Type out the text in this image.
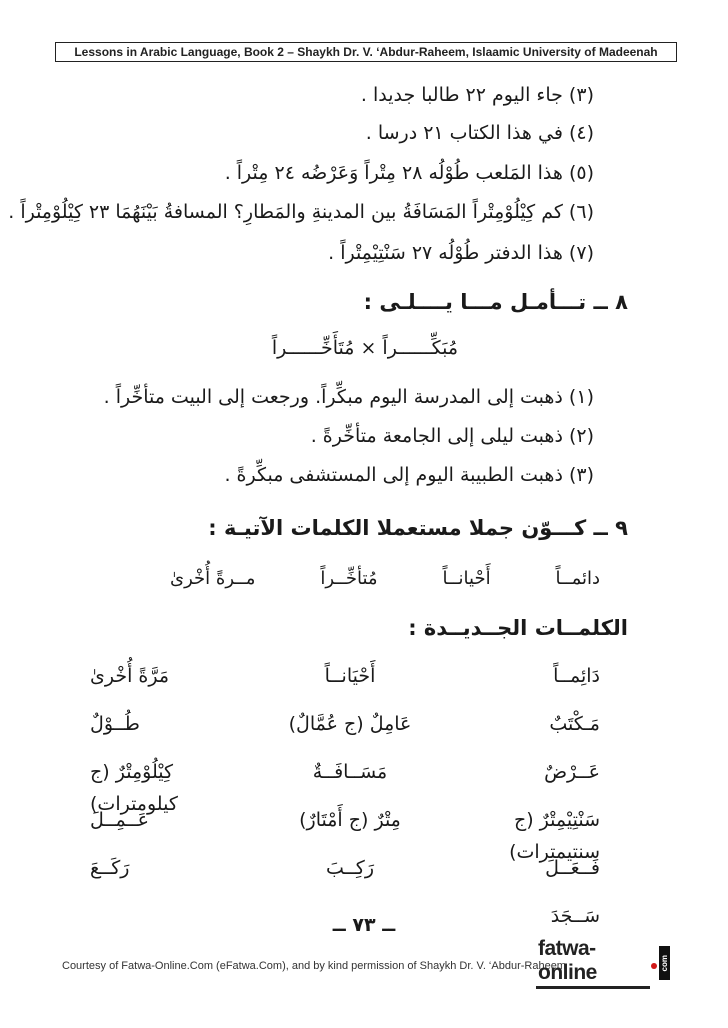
Lessons in Arabic Language, Book 2 – Shaykh Dr. V. ‘Abdur-Raheem, Islaamic University of Madeenah
(٣) جاء اليوم ٢٢ طالبا جديدا .
(٤) في هذا الكتاب ٢١ درسا .
(٥) هذا المَلعب طُوْلُه ٢٨ مِتْراً وَعَرْضُه ٢٤ مِتْراً .
(٦) كم كِيْلُوْمِتْراً المَسَافَةُ بين المدينةِ والمَطارِ؟ المسافةُ بَيْنَهُمَا ٢٣ كِيْلُوْمِتْراً .
(٧) هذا الدفتر طُوْلُه ٢٧ سَنْتِيْمِتْراً .
٨ ــ تـــأمـل مـــا يــــلـى :
مُبَكِّــــــراً × مُتَأَخِّــــــراً
(١) ذهبت إلى المدرسة اليوم مبكِّراً. ورجعت إلى البيت متأخِّراً .
(٢) ذهبت ليلى إلى الجامعة متأخِّرةً .
(٣) ذهبت الطبيبة اليوم إلى المستشفى مبكِّرةً .
٩ ــ كـــوّن جملا مستعملا الكلمات الآتيـة :
دائمــاً
أَحْيانــاً
مُتأخِّــراً
مــرةً أُخْرىٰ
الكلمــات الجــديــدة :
دَائِمــاً
أَحْيَانــاً
مَرَّةً أُخْرىٰ
مَـكْتَبٌ
عَامِلٌ (ج عُمَّالٌ)
طُــوْلٌ
عَــرْضٌ
مَسَــافَــةٌ
كِيْلُوْمِتْرٌ (ج كيلومترات)
سَنْتِيْمِتْرٌ (ج سنتيمترات)
مِتْرٌ (ج أَمْتَارٌ)
عَــمِــلَ
فَــعَــلَ
رَكِــبَ
رَكَــعَ
سَــجَدَ
ــ ٧٣ ــ
Courtesy of Fatwa-Online.Com (eFatwa.Com), and by kind permission of Shaykh Dr. V. ‘Abdur-Raheem
fatwa-online	com
